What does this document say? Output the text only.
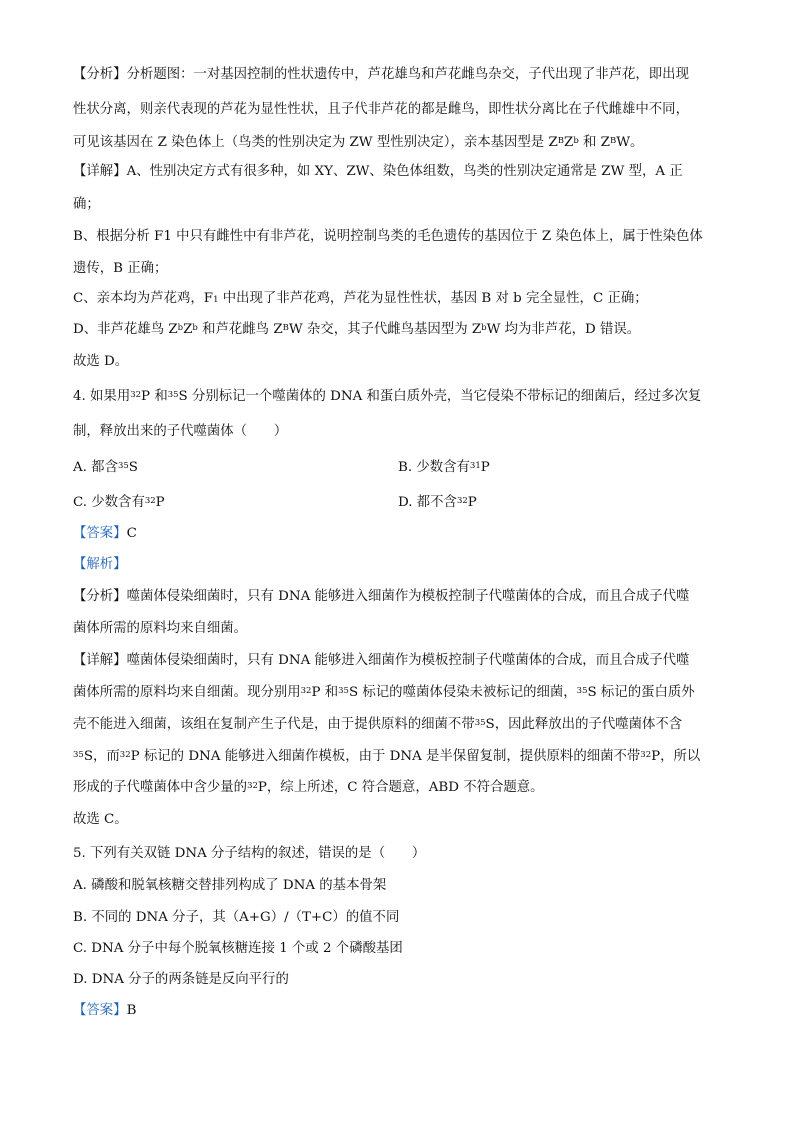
【分析】分析题图：一对基因控制的性状遗传中，芦花雄鸟和芦花雌鸟杂交，子代出现了非芦花，即出现
性状分离，则亲代表现的芦花为显性性状，且子代非芦花的都是雌鸟，即性状分离比在子代雌雄中不同，
可见该基因在 Z 染色体上（鸟类的性别决定为 ZW 型性别决定），亲本基因型是 $Z^BZ^b$ 和 $Z^BW$。
【详解】A、性别决定方式有很多种，如 XY、ZW、染色体组数，鸟类的性别决定通常是 ZW 型，A 正
确；
B、根据分析 F1 中只有雌性中有非芦花，说明控制鸟类的毛色遗传的基因位于 Z 染色体上，属于性染色体
遗传，B 正确；
C、亲本均为芦花鸡，$F_1$ 中出现了非芦花鸡，芦花为显性性状，基因 B 对 b 完全显性，C 正确；
D、非芦花雄鸟 $Z^bZ^b$ 和芦花雌鸟 $Z^BW$ 杂交，其子代雌鸟基因型为 $Z^bW$ 均为非芦花，D 错误。
故选 D。
4. 如果用$^{32}$P 和$^{35}$S 分别标记一个噬菌体的 DNA 和蛋白质外壳，当它侵染不带标记的细菌后，经过多次复
制，释放出来的子代噬菌体（　　）
A. 都含$^{35}$S	B. 少数含有$^{31}$P
C. 少数含有$^{32}$P	D. 都不含$^{32}$P
【答案】C
【解析】
【分析】噬菌体侵染细菌时，只有 DNA 能够进入细菌作为模板控制子代噬菌体的合成，而且合成子代噬
菌体所需的原料均来自细菌。
【详解】噬菌体侵染细菌时，只有 DNA 能够进入细菌作为模板控制子代噬菌体的合成，而且合成子代噬
菌体所需的原料均来自细菌。现分别用$^{32}$P 和$^{35}$S 标记的噬菌体侵染未被标记的细菌，$^{35}$S 标记的蛋白质外
壳不能进入细菌，该组在复制产生子代是，由于提供原料的细菌不带$^{35}$S，因此释放出的子代噬菌体不含
$^{35}$S，而$^{32}$P 标记的 DNA 能够进入细菌作模板，由于 DNA 是半保留复制，提供原料的细菌不带$^{32}$P，所以
形成的子代噬菌体中含少量的$^{32}$P，综上所述，C 符合题意，ABD 不符合题意。
故选 C。
5. 下列有关双链 DNA 分子结构的叙述，错误的是（　　）
A. 磷酸和脱氧核糖交替排列构成了 DNA 的基本骨架
B. 不同的 DNA 分子，其（A+G）/（T+C）的值不同
C. DNA 分子中每个脱氧核糖连接 1 个或 2 个磷酸基团
D. DNA 分子的两条链是反向平行的
【答案】B
